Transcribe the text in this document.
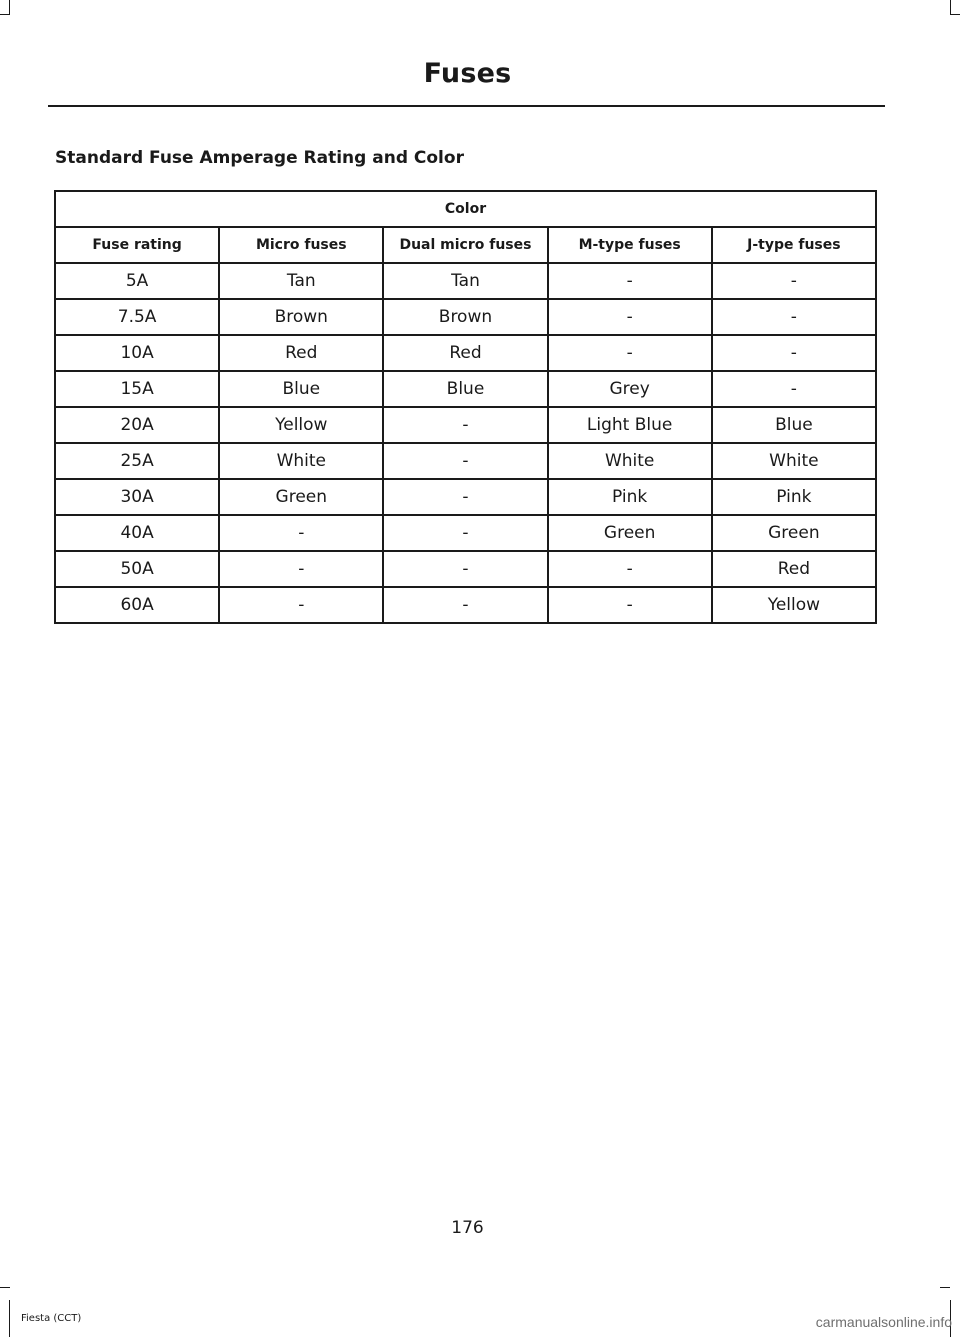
Fuses
Standard Fuse Amperage Rating and Color
Color				
Fuse rating	Micro fuses	Dual micro fuses	M-type fuses	J-type fuses
5A	Tan	Tan	-	-
7.5A	Brown	Brown	-	-
10A	Red	Red	-	-
15A	Blue	Blue	Grey	-
20A	Yellow	-	Light Blue	Blue
25A	White	-	White	White
30A	Green	-	Pink	Pink
40A	-	-	Green	Green
50A	-	-	-	Red
60A	-	-	-	Yellow
176
Fiesta (CCT)	carmanualsonline.info
